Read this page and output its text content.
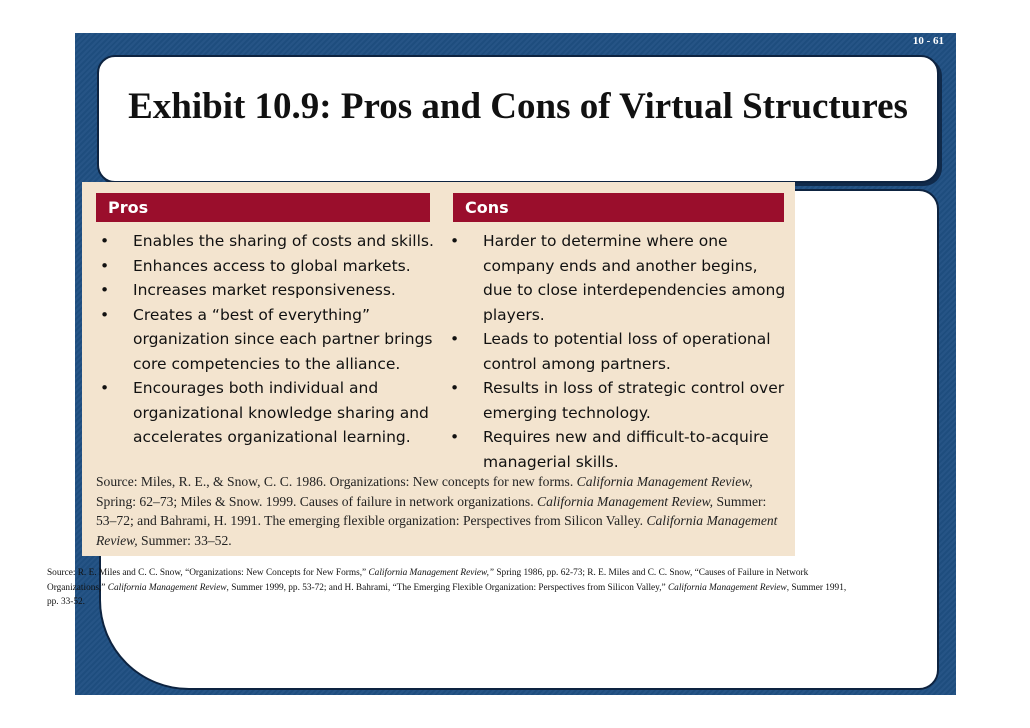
10 - 61
Exhibit 10.9: Pros and Cons of Virtual Structures
Pros	Cons
• Enables the sharing of costs and skills.
• Enhances access to global markets.
• Increases market responsiveness.
• Creates a “best of everything” organization since each partner brings core competencies to the alliance.
• Encourages both individual and organizational knowledge sharing and accelerates organizational learning.
• Harder to determine where one company ends and another begins, due to close interdependencies among players.
• Leads to potential loss of operational control among partners.
• Results in loss of strategic control over emerging technology.
• Requires new and difficult-to-acquire managerial skills.
Source: Miles, R. E., & Snow, C. C. 1986. Organizations: New concepts for new forms. California Management Review, Spring: 62–73; Miles & Snow. 1999. Causes of failure in network organizations. California Management Review, Summer: 53–72; and Bahrami, H. 1991. The emerging flexible organization: Perspectives from Silicon Valley. California Management Review, Summer: 33–52.
Source: R. E. Miles and C. C. Snow, “Organizations: New Concepts for New Forms,” California Management Review,” Spring 1986, pp. 62-73; R. E. Miles and C. C. Snow, “Causes of Failure in Network Organizations,” California Management Review, Summer 1999, pp. 53-72; and H. Bahrami, “The Emerging Flexible Organization: Perspectives from Silicon Valley,” California Management Review, Summer 1991, pp. 33-52.
